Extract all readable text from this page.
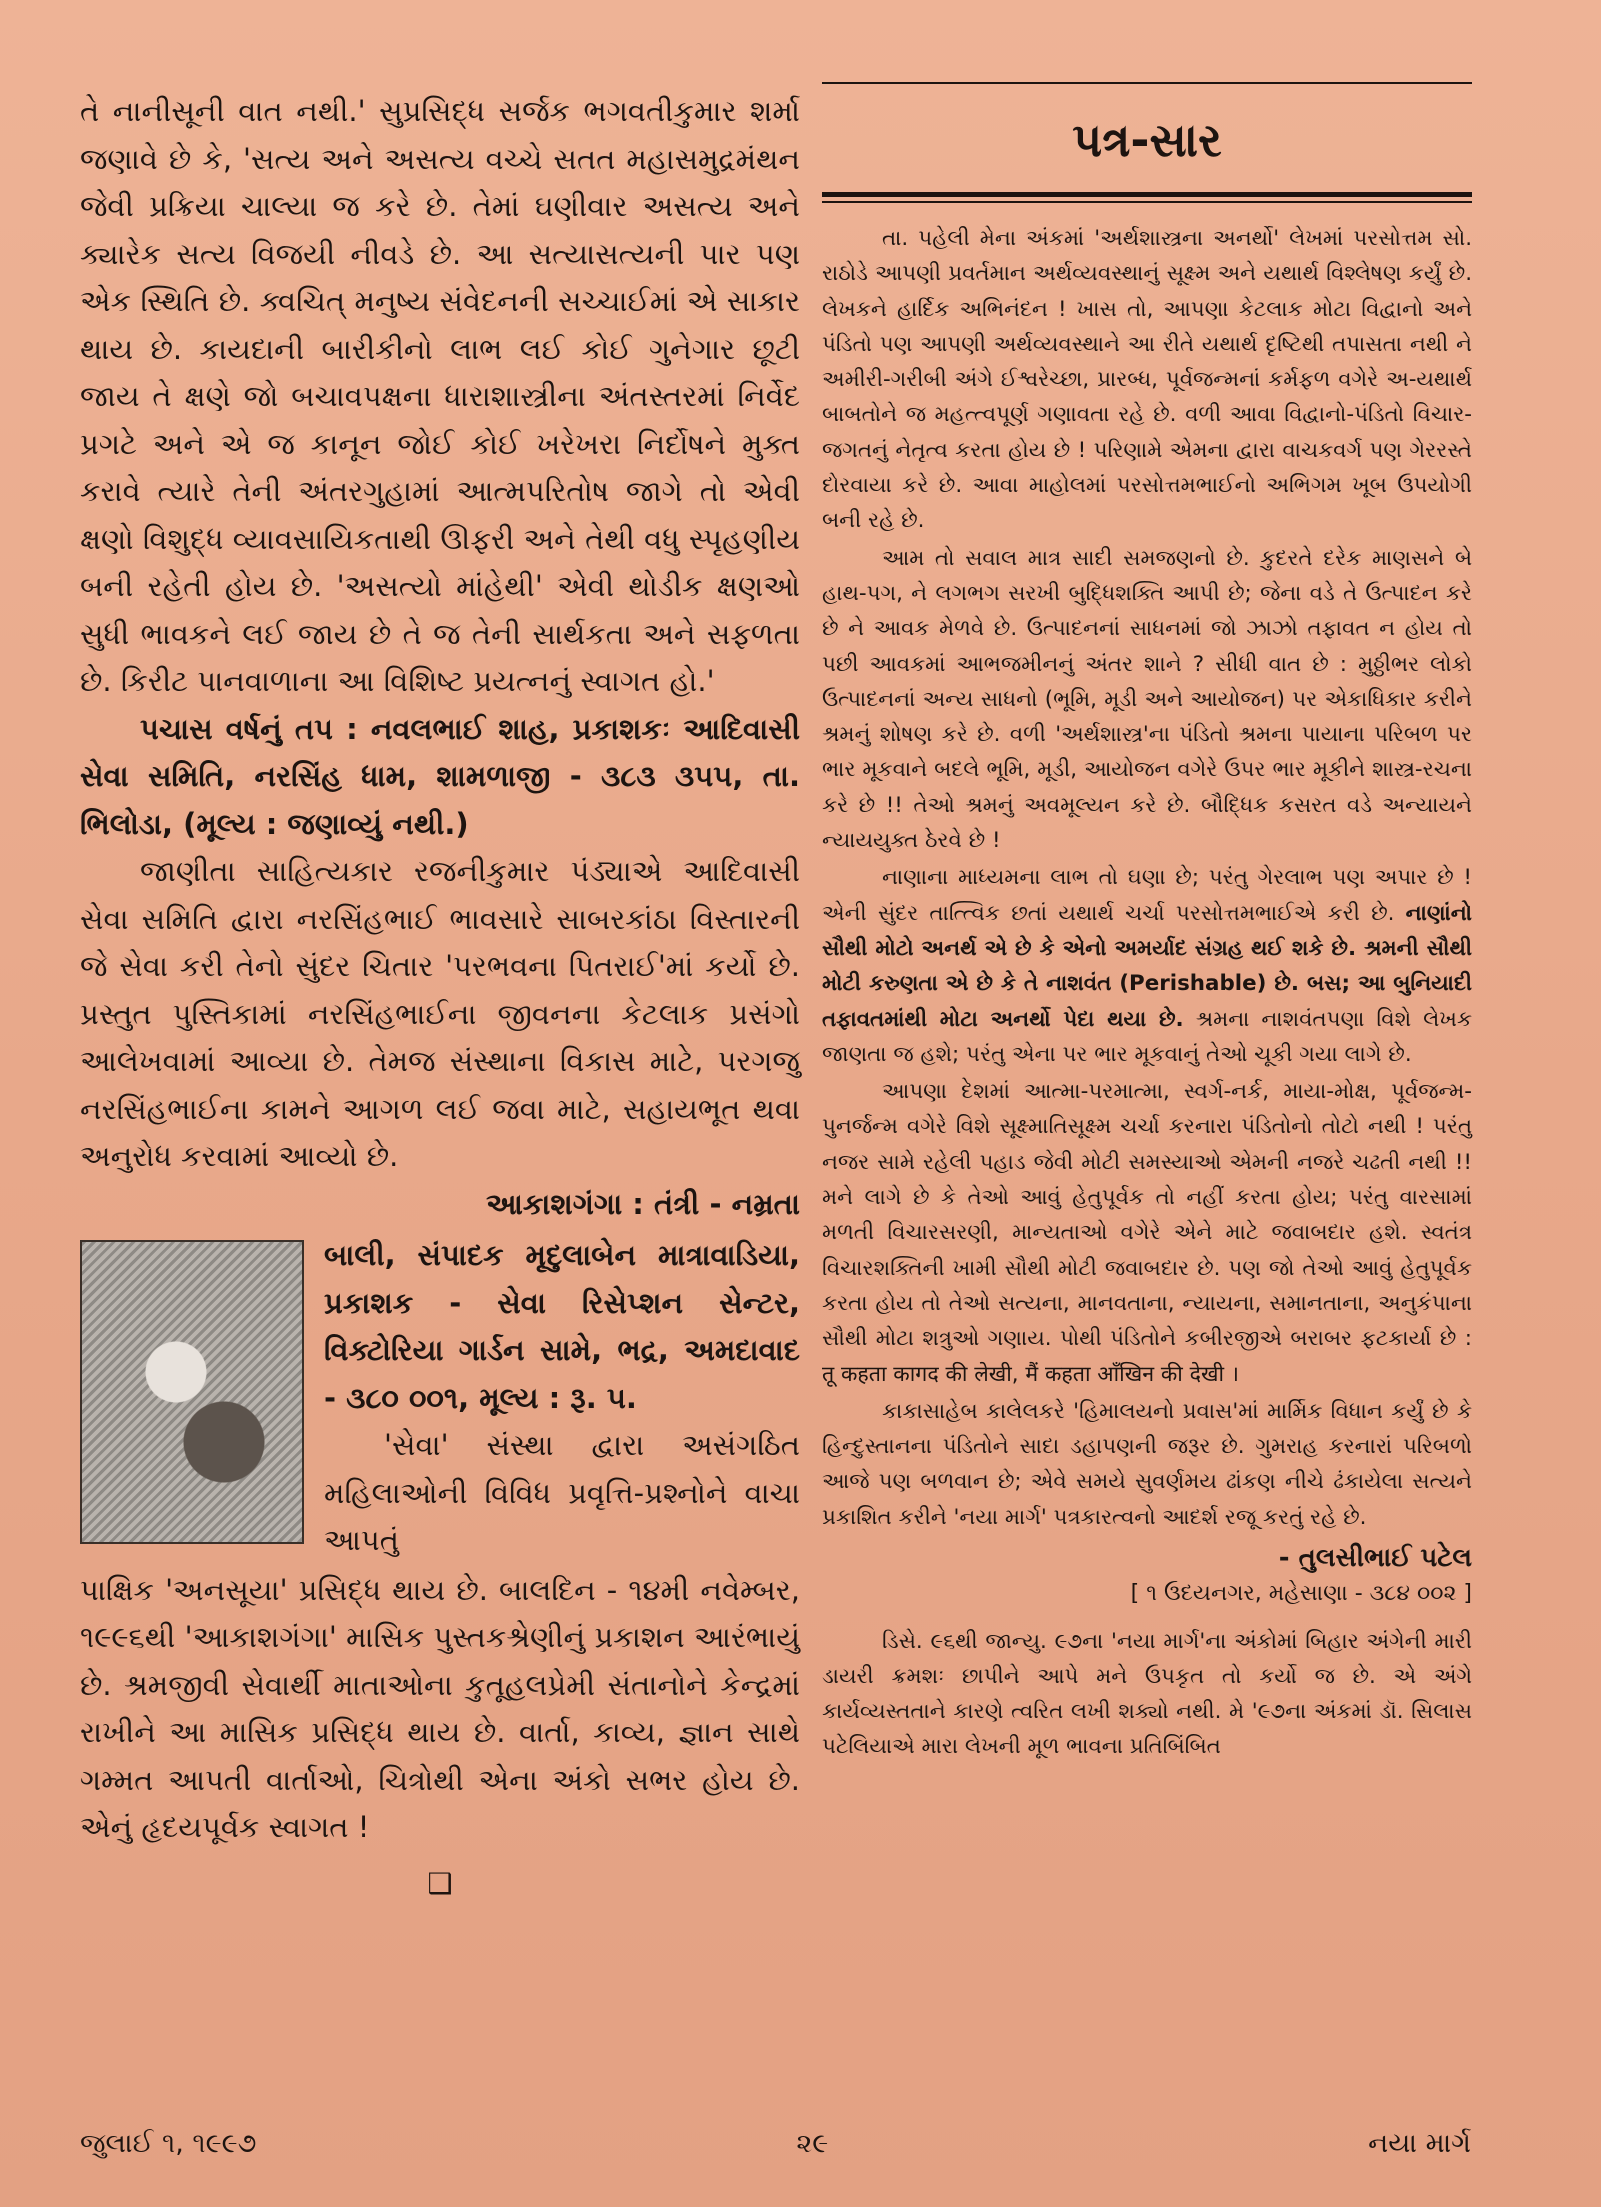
તે નાનીસૂની વાત નથી.' સુપ્રસિદ્ધ સર્જક ભગવતીકુમાર શર્મા જણાવે છે કે, 'સત્ય અને અસત્ય વચ્ચે સતત મહાસમુદ્રમંથન જેવી પ્રક્રિયા ચાલ્યા જ કરે છે. તેમાં ઘણીવાર અસત્ય અને ક્યારેક સત્ય વિજયી નીવડે છે. આ સત્યાસત્યની પાર પણ એક સ્થિતિ છે. ક્વચિત્ મનુષ્ય સંવેદનની સચ્ચાઈમાં એ સાકાર થાય છે. કાયદાની બારીકીનો લાભ લઈ કોઈ ગુનેગાર છૂટી જાય તે ક્ષણે જો બચાવપક્ષના ધારાશાસ્ત્રીના અંતસ્તરમાં નિર્વેદ પ્રગટે અને એ જ કાનૂન જોઈ કોઈ ખરેખરા નિર્દોષને મુક્ત કરાવે ત્યારે તેની અંતરગુહામાં આત્મપરિતોષ જાગે તો એવી ક્ષણો વિશુદ્ધ વ્યાવસાયિકતાથી ઊફરી અને તેથી વધુ સ્પૃહણીય બની રહેતી હોય છે. 'અસત્યો માંહેથી' એવી થોડીક ક્ષણઓ સુધી ભાવકને લઈ જાય છે તે જ તેની સાર્થકતા અને સફળતા છે. કિરીટ પાનવાળાના આ વિશિષ્ટ પ્રયત્નનું સ્વાગત હો.'

પચાસ વર્ષનું તપ : નવલભાઈ શાહ, પ્રકાશકઃ આદિવાસી સેવા સમિતિ, નરસિંહ ધામ, શામળાજી - ૩૮૩ ૩૫૫, તા. ભિલોડા, (મૂલ્ય : જણાવ્યું નથી.)

જાણીતા સાહિત્યકાર રજનીકુમાર પંડ્યાએ આદિવાસી સેવા સમિતિ દ્વારા નરસિંહભાઈ ભાવસારે સાબરકાંઠા વિસ્તારની જે સેવા કરી તેનો સુંદર ચિતાર 'પરભવના પિતરાઈ'માં કર્યો છે. પ્રસ્તુત પુસ્તિકામાં નરસિંહભાઈના જીવનના કેટલાક પ્રસંગો આલેખવામાં આવ્યા છે. તેમજ સંસ્થાના વિકાસ માટે, પરગજુ નરસિંહભાઈના કામને આગળ લઈ જવા માટે, સહાયભૂત થવા અનુરોધ કરવામાં આવ્યો છે.

આકાશગંગા : તંત્રી - નમ્રતા

બાલી, સંપાદક મૃદુલાબેન માત્રાવાડિયા, પ્રકાશક - સેવા રિસેપ્શન સેન્ટર, વિક્ટોરિયા ગાર્ડન સામે, ભદ્ર, અમદાવાદ - ૩૮૦ ૦૦૧, મૂલ્ય : રૂ. ૫.

'સેવા' સંસ્થા દ્વારા અસંગઠિત મહિલાઓની વિવિધ પ્રવૃત્તિ-પ્રશ્નોને વાચા આપતું

પાક્ષિક 'અનસૂયા' પ્રસિદ્ધ થાય છે. બાલદિન - ૧૪મી નવેમ્બર, ૧૯૯૬થી 'આકાશગંગા' માસિક પુસ્તકશ્રેણીનું પ્રકાશન આરંભાયું છે. શ્રમજીવી સેવાર્થી માતાઓના કુતૂહલપ્રેમી સંતાનોને કેન્દ્રમાં રાખીને આ માસિક પ્રસિદ્ધ થાય છે. વાર્તા, કાવ્ય, જ્ઞાન સાથે ગમ્મત આપતી વાર્તાઓ, ચિત્રોથી એના અંકો સભર હોય છે. એનું હૃદયપૂર્વક સ્વાગત !

❑
પત્ર-સાર

તા. પહેલી મેના અંકમાં 'અર્થશાસ્ત્રના અનર્થો' લેખમાં પરસોત્તમ સો. રાઠોડે આપણી પ્રવર્તમાન અર્થવ્યવસ્થાનું સૂક્ષ્મ અને યથાર્થ વિશ્લેષણ કર્યું છે. લેખકને હાર્દિક અભિનંદન ! ખાસ તો, આપણા કેટલાક મોટા વિદ્વાનો અને પંડિતો પણ આપણી અર્થવ્યવસ્થાને આ રીતે યથાર્થ દૃષ્ટિથી તપાસતા નથી ને અમીરી-ગરીબી અંગે ઈશ્વરેચ્છા, પ્રારબ્ધ, પૂર્વજન્મનાં કર્મફળ વગેરે અ-યથાર્થ બાબતોને જ મહત્ત્વપૂર્ણ ગણાવતા રહે છે. વળી આવા વિદ્વાનો-પંડિતો વિચાર-જગતનું નેતૃત્વ કરતા હોય છે ! પરિણામે એમના દ્વારા વાચકવર્ગ પણ ગેરરસ્તે દોરવાયા કરે છે. આવા માહોલમાં પરસોત્તમભાઈનો અભિગમ ખૂબ ઉપયોગી બની રહે છે.

આમ તો સવાલ માત્ર સાદી સમજણનો છે. કુદરતે દરેક માણસને બે હાથ-પગ, ને લગભગ સરખી બુદ્ધિશક્તિ આપી છે; જેના વડે તે ઉત્પાદન કરે છે ને આવક મેળવે છે. ઉત્પાદનનાં સાધનમાં જો ઝાઝો તફાવત ન હોય તો પછી આવકમાં આભજમીનનું અંતર શાને ? સીધી વાત છે : મુઠ્ઠીભર લોકો ઉત્પાદનનાં અન્ય સાધનો (ભૂમિ, મૂડી અને આયોજન) પર એકાધિકાર કરીને શ્રમનું શોષણ કરે છે. વળી 'અર્થશાસ્ત્ર'ના પંડિતો શ્રમના પાયાના પરિબળ પર ભાર મૂકવાને બદલે ભૂમિ, મૂડી, આયોજન વગેરે ઉપર ભાર મૂકીને શાસ્ત્ર-રચના કરે છે !! તેઓ શ્રમનું અવમૂલ્યન કરે છે. બૌદ્ધિક કસરત વડે અન્યાયને ન્યાયયુક્ત ઠેરવે છે !

નાણાના માધ્યમના લાભ તો ઘણા છે; પરંતુ ગેરલાભ પણ અપાર છે ! એની સુંદર તાત્ત્વિક છતાં યથાર્થ ચર્ચા પરસોત્તમભાઈએ કરી છે. નાણાંનો સૌથી મોટો અનર્થ એ છે કે એનો અમર્યાદ સંગ્રહ થઈ શકે છે. શ્રમની સૌથી મોટી કરુણતા એ છે કે તે નાશવંત (Perishable) છે. બસ; આ બુનિયાદી તફાવતમાંથી મોટા અનર્થો પેદા થયા છે. શ્રમના નાશવંતપણા વિશે લેખક જાણતા જ હશે; પરંતુ એના પર ભાર મૂકવાનું તેઓ ચૂકી ગયા લાગે છે.

આપણા દેશમાં આત્મા-પરમાત્મા, સ્વર્ગ-નર્ક, માયા-મોક્ષ, પૂર્વજન્મ-પુનર્જન્મ વગેરે વિશે સૂક્ષ્માતિસૂક્ષ્મ ચર્ચા કરનારા પંડિતોનો તોટો નથી ! પરંતુ નજર સામે રહેલી પહાડ જેવી મોટી સમસ્યાઓ એમની નજરે ચઢતી નથી !! મને લાગે છે કે તેઓ આવું હેતુપૂર્વક તો નહીં કરતા હોય; પરંતુ વારસામાં મળતી વિચારસરણી, માન્યતાઓ વગેરે એને માટે જવાબદાર હશે. સ્વતંત્ર વિચારશક્તિની ખામી સૌથી મોટી જવાબદાર છે. પણ જો તેઓ આવું હેતુપૂર્વક કરતા હોય તો તેઓ સત્યના, માનવતાના, ન્યાયના, સમાનતાના, અનુકંપાના સૌથી મોટા શત્રુઓ ગણાય. પોથી પંડિતોને કબીરજીએ બરાબર ફટકાર્યા છે : तू कहता कागद की लेखी, मैं कहता आँखिन की देखी ।

કાકાસાહેબ કાલેલકરે 'હિમાલયનો પ્રવાસ'માં માર્મિક વિધાન કર્યું છે કે હિન્દુસ્તાનના પંડિતોને સાદા ડહાપણની જરૂર છે. ગુમરાહ કરનારાં પરિબળો આજે પણ બળવાન છે; એવે સમયે સુવર્ણમય ઢાંકણ નીચે ઢંકાયેલા સત્યને પ્રકાશિત કરીને 'નયા માર્ગ' પત્રકારત્વનો આદર્શ રજૂ કરતું રહે છે.

- તુલસીભાઈ પટેલ
[ ૧ ઉદયનગર, મહેસાણા - ૩૮૪ ૦૦૨ ]

ડિસે. ૯૬થી જાન્યુ. ૯૭ના 'નયા માર્ગ'ના અંકોમાં બિહાર અંગેની મારી ડાયરી ક્રમશઃ છાપીને આપે મને ઉપકૃત તો કર્યો જ છે. એ અંગે કાર્યવ્યસ્તતાને કારણે ત્વરિત લખી શક્યો નથી. મે '૯૭ના અંકમાં ડૉ. સિલાસ પટેલિયાએ મારા લેખની મૂળ ભાવના પ્રતિબિંબિત

જુલાઈ ૧, ૧૯૯૭	૨૯	નયા માર્ગ
